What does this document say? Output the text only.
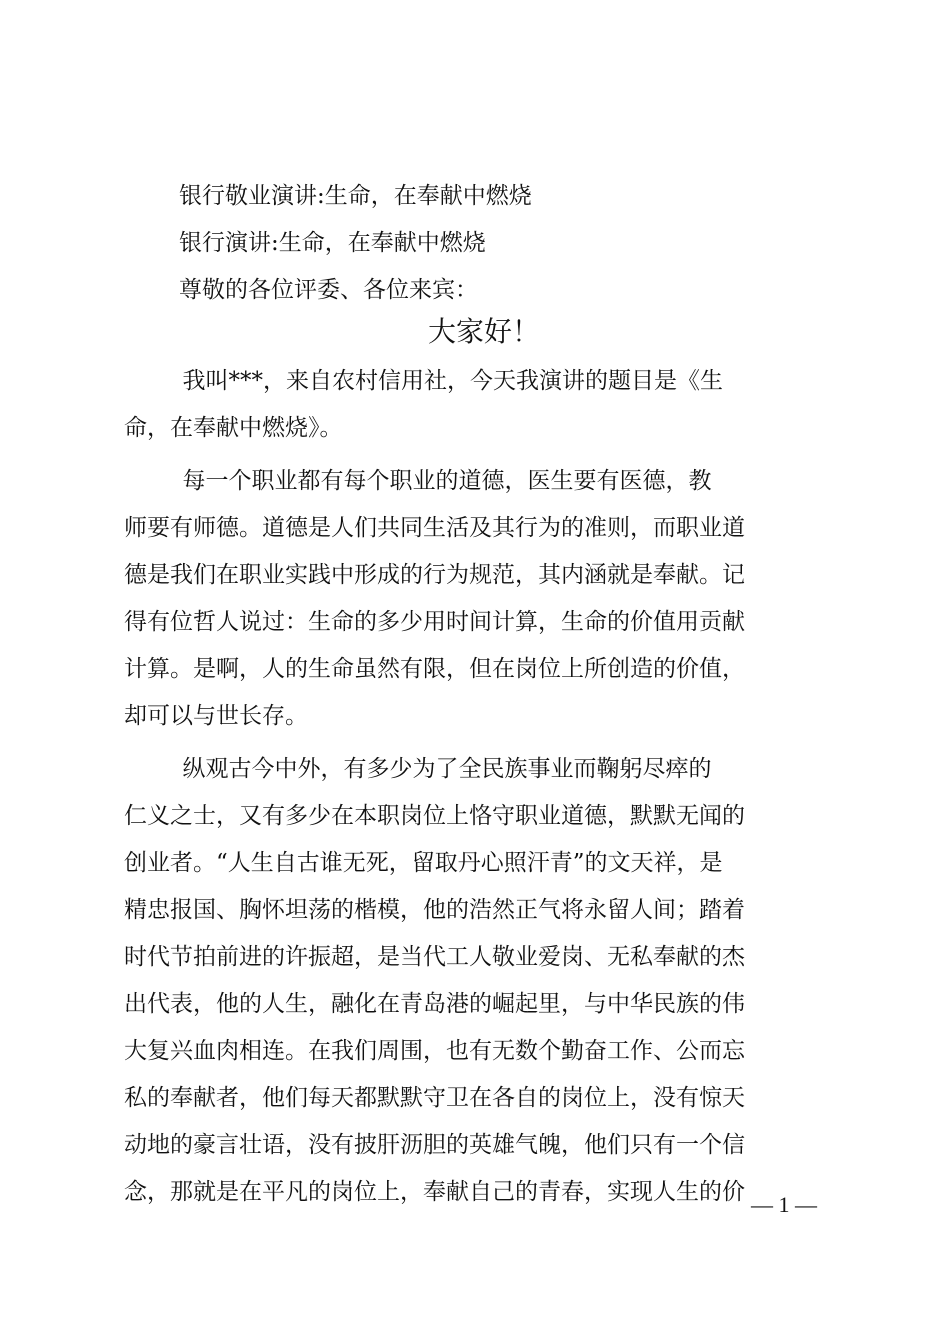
银行敬业演讲:生命，在奉献中燃烧
银行演讲:生命，在奉献中燃烧
尊敬的各位评委、各位来宾：
大家好！
我叫***，来自农村信用社，今天我演讲的题目是《生
命，在奉献中燃烧》。
每一个职业都有每个职业的道德，医生要有医德，教
师要有师德。道德是人们共同生活及其行为的准则，而职业道
德是我们在职业实践中形成的行为规范，其内涵就是奉献。记
得有位哲人说过：生命的多少用时间计算，生命的价值用贡献
计算。是啊，人的生命虽然有限，但在岗位上所创造的价值，
却可以与世长存。
纵观古今中外，有多少为了全民族事业而鞠躬尽瘁的
仁义之士，又有多少在本职岗位上恪守职业道德，默默无闻的
创业者。“人生自古谁无死，留取丹心照汗青”的文天祥，是
精忠报国、胸怀坦荡的楷模，他的浩然正气将永留人间；踏着
时代节拍前进的许振超，是当代工人敬业爱岗、无私奉献的杰
出代表，他的人生，融化在青岛港的崛起里，与中华民族的伟
大复兴血肉相连。在我们周围，也有无数个勤奋工作、公而忘
私的奉献者，他们每天都默默守卫在各自的岗位上，没有惊天
动地的豪言壮语，没有披肝沥胆的英雄气魄，他们只有一个信
念，那就是在平凡的岗位上，奉献自己的青春，实现人生的价 — 1 —
